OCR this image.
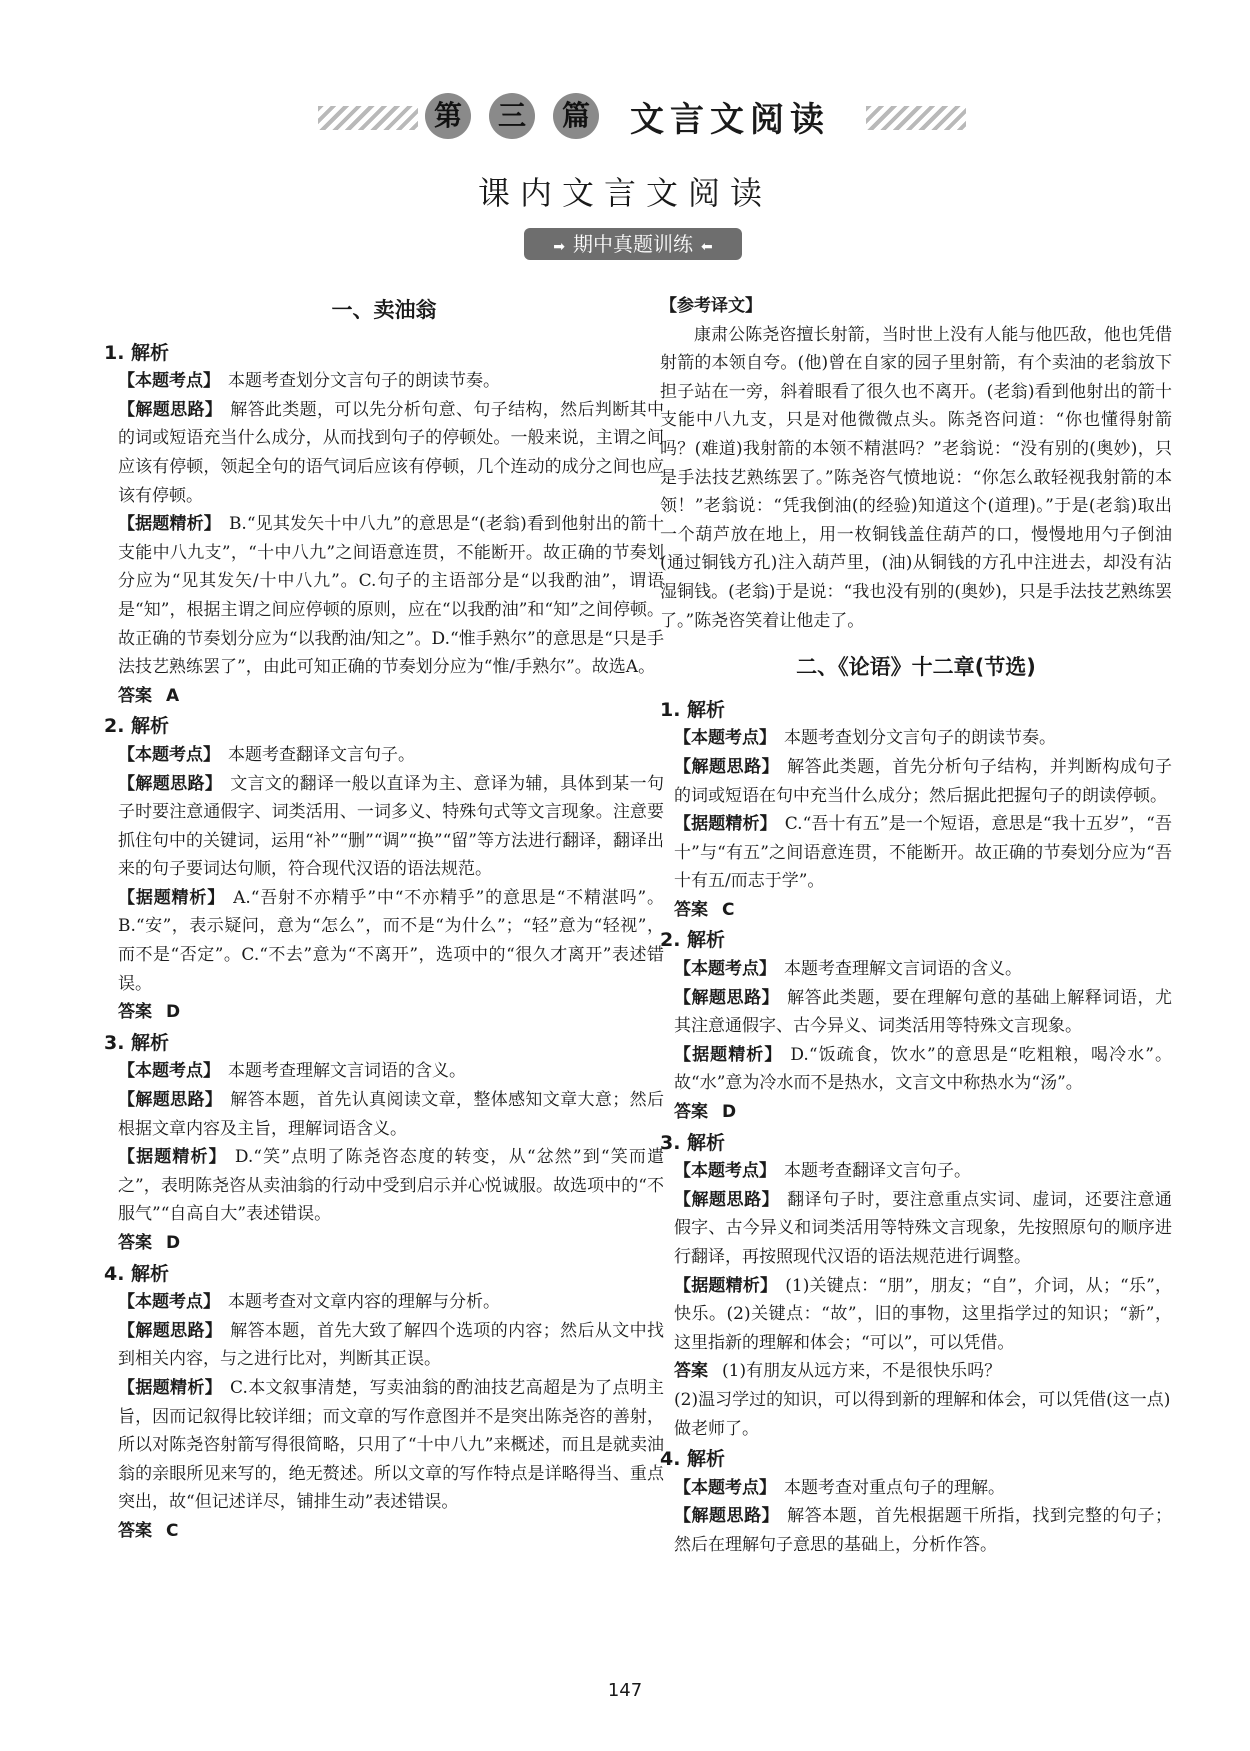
第	三	篇 文言文阅读
课内文言文阅读
➡ 期中真题训练 ⬅
一、卖油翁
1. 解析
【本题考点】 本题考查划分文言句子的朗读节奏。
【解题思路】 解答此类题，可以先分析句意、句子结构，然后判断其中的词或短语充当什么成分，从而找到句子的停顿处。一般来说，主谓之间应该有停顿，领起全句的语气词后应该有停顿，几个连动的成分之间也应该有停顿。
【据题精析】 B.“见其发矢十中八九”的意思是“(老翁)看到他射出的箭十支能中八九支”，“十中八九”之间语意连贯，不能断开。故正确的节奏划分应为“见其发矢/十中八九”。C.句子的主语部分是“以我酌油”，谓语是“知”，根据主谓之间应停顿的原则，应在“以我酌油”和“知”之间停顿。故正确的节奏划分应为“以我酌油/知之”。D.“惟手熟尔”的意思是“只是手法技艺熟练罢了”，由此可知正确的节奏划分应为“惟/手熟尔”。故选A。
答案 A
2. 解析
【本题考点】 本题考查翻译文言句子。
【解题思路】 文言文的翻译一般以直译为主、意译为辅，具体到某一句子时要注意通假字、词类活用、一词多义、特殊句式等文言现象。注意要抓住句中的关键词，运用“补”“删”“调”“换”“留”等方法进行翻译，翻译出来的句子要词达句顺，符合现代汉语的语法规范。
【据题精析】 A.“吾射不亦精乎”中“不亦精乎”的意思是“不精湛吗”。B.“安”，表示疑问，意为“怎么”，而不是“为什么”；“轻”意为“轻视”，而不是“否定”。C.“不去”意为“不离开”，选项中的“很久才离开”表述错误。
答案 D
3. 解析
【本题考点】 本题考查理解文言词语的含义。
【解题思路】 解答本题，首先认真阅读文章，整体感知文章大意；然后根据文章内容及主旨，理解词语含义。
【据题精析】 D.“笑”点明了陈尧咨态度的转变，从“忿然”到“笑而遣之”，表明陈尧咨从卖油翁的行动中受到启示并心悦诚服。故选项中的“不服气”“自高自大”表述错误。
答案 D
4. 解析
【本题考点】 本题考查对文章内容的理解与分析。
【解题思路】 解答本题，首先大致了解四个选项的内容；然后从文中找到相关内容，与之进行比对，判断其正误。
【据题精析】 C.本文叙事清楚，写卖油翁的酌油技艺高超是为了点明主旨，因而记叙得比较详细；而文章的写作意图并不是突出陈尧咨的善射，所以对陈尧咨射箭写得很简略，只用了“十中八九”来概述，而且是就卖油翁的亲眼所见来写的，绝无赘述。所以文章的写作特点是详略得当、重点突出，故“但记述详尽，铺排生动”表述错误。
答案 C
【参考译文】
康肃公陈尧咨擅长射箭，当时世上没有人能与他匹敌，他也凭借射箭的本领自夸。(他)曾在自家的园子里射箭，有个卖油的老翁放下担子站在一旁，斜着眼看了很久也不离开。(老翁)看到他射出的箭十支能中八九支，只是对他微微点头。陈尧咨问道：“你也懂得射箭吗？(难道)我射箭的本领不精湛吗？”老翁说：“没有别的(奥妙)，只是手法技艺熟练罢了。”陈尧咨气愤地说：“你怎么敢轻视我射箭的本领！”老翁说：“凭我倒油(的经验)知道这个(道理)。”于是(老翁)取出一个葫芦放在地上，用一枚铜钱盖住葫芦的口，慢慢地用勺子倒油(通过铜钱方孔)注入葫芦里，(油)从铜钱的方孔中注进去，却没有沾湿铜钱。(老翁)于是说：“我也没有别的(奥妙)，只是手法技艺熟练罢了。”陈尧咨笑着让他走了。
二、《论语》十二章(节选)
1. 解析
【本题考点】 本题考查划分文言句子的朗读节奏。
【解题思路】 解答此类题，首先分析句子结构，并判断构成句子的词或短语在句中充当什么成分；然后据此把握句子的朗读停顿。
【据题精析】 C.“吾十有五”是一个短语，意思是“我十五岁”，“吾十”与“有五”之间语意连贯，不能断开。故正确的节奏划分应为“吾十有五/而志于学”。
答案 C
2. 解析
【本题考点】 本题考查理解文言词语的含义。
【解题思路】 解答此类题，要在理解句意的基础上解释词语，尤其注意通假字、古今异义、词类活用等特殊文言现象。
【据题精析】 D.“饭疏食，饮水”的意思是“吃粗粮，喝冷水”。故“水”意为冷水而不是热水，文言文中称热水为“汤”。
答案 D
3. 解析
【本题考点】 本题考查翻译文言句子。
【解题思路】 翻译句子时，要注意重点实词、虚词，还要注意通假字、古今异义和词类活用等特殊文言现象，先按照原句的顺序进行翻译，再按照现代汉语的语法规范进行调整。
【据题精析】 (1)关键点：“朋”，朋友；“自”，介词，从；“乐”，快乐。(2)关键点：“故”，旧的事物，这里指学过的知识；“新”，这里指新的理解和体会；“可以”，可以凭借。
答案 (1)有朋友从远方来，不是很快乐吗？
(2)温习学过的知识，可以得到新的理解和体会，可以凭借(这一点)做老师了。
4. 解析
【本题考点】 本题考查对重点句子的理解。
【解题思路】 解答本题，首先根据题干所指，找到完整的句子；然后在理解句子意思的基础上，分析作答。
147
